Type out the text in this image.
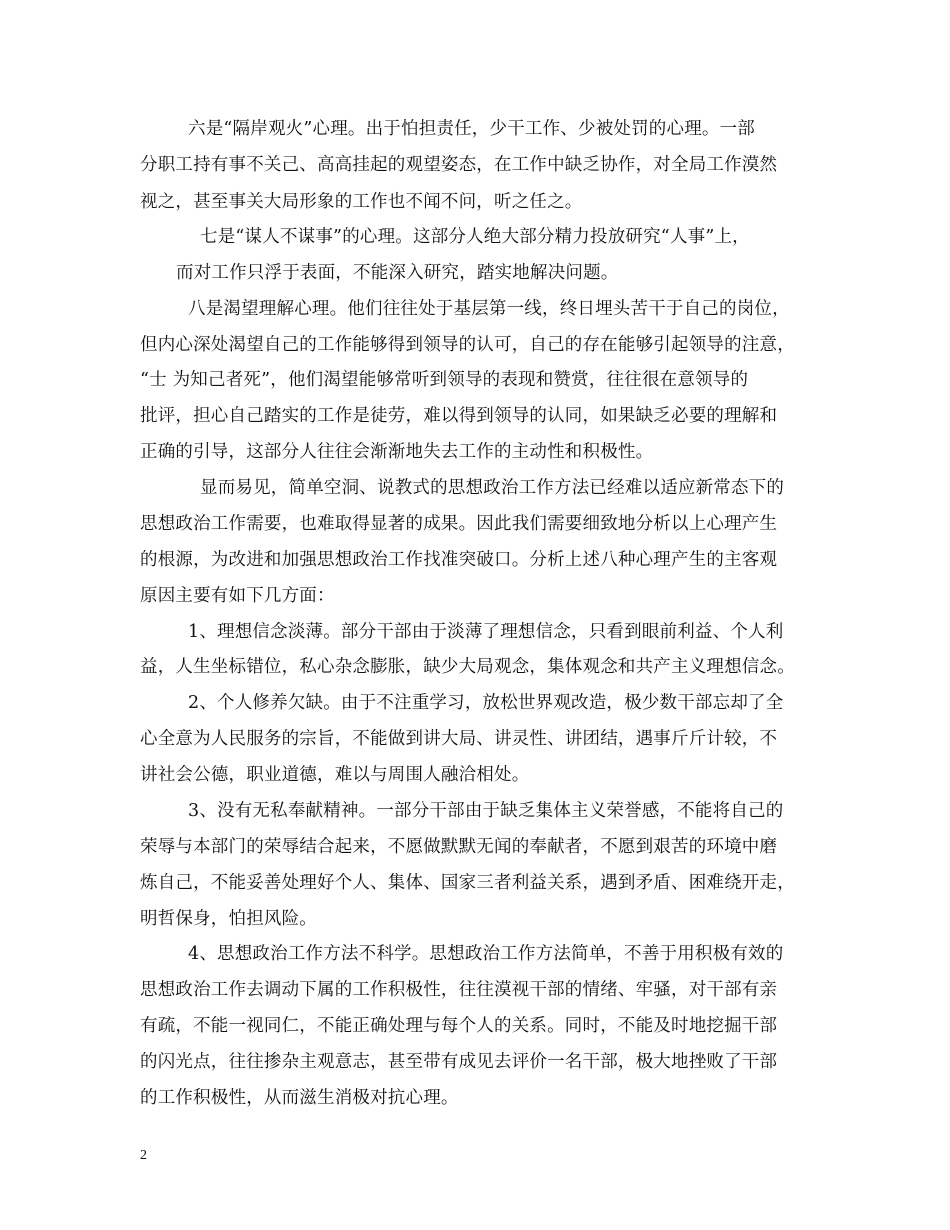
六是“隔岸观火”心理。出于怕担责任，少干工作、少被处罚的心理。一部
分职工持有事不关己、高高挂起的观望姿态，在工作中缺乏协作，对全局工作漠然
视之，甚至事关大局形象的工作也不闻不问，听之任之。
七是“谋人不谋事”的心理。这部分人绝大部分精力投放研究“人事”上，
而对工作只浮于表面，不能深入研究，踏实地解决问题。
八是渴望理解心理。他们往往处于基层第一线，终日埋头苦干于自己的岗位，
但内心深处渴望自己的工作能够得到领导的认可，自己的存在能够引起领导的注意，
“士 为知己者死”，他们渴望能够常听到领导的表现和赞赏，往往很在意领导的
批评，担心自己踏实的工作是徒劳，难以得到领导的认同，如果缺乏必要的理解和
正确的引导，这部分人往往会渐渐地失去工作的主动性和积极性。
显而易见，简单空洞、说教式的思想政治工作方法已经难以适应新常态下的
思想政治工作需要，也难取得显著的成果。因此我们需要细致地分析以上心理产生
的根源，为改进和加强思想政治工作找准突破口。分析上述八种心理产生的主客观
原因主要有如下几方面：
1、理想信念淡薄。部分干部由于淡薄了理想信念，只看到眼前利益、个人利
益，人生坐标错位，私心杂念膨胀，缺少大局观念，集体观念和共产主义理想信念。
2、个人修养欠缺。由于不注重学习，放松世界观改造，极少数干部忘却了全
心全意为人民服务的宗旨，不能做到讲大局、讲灵性、讲团结，遇事斤斤计较，不
讲社会公德，职业道德，难以与周围人融洽相处。
3、没有无私奉献精神。一部分干部由于缺乏集体主义荣誉感，不能将自己的
荣辱与本部门的荣辱结合起来，不愿做默默无闻的奉献者，不愿到艰苦的环境中磨
炼自己，不能妥善处理好个人、集体、国家三者利益关系，遇到矛盾、困难绕开走，
明哲保身，怕担风险。
4、思想政治工作方法不科学。思想政治工作方法简单，不善于用积极有效的
思想政治工作去调动下属的工作积极性，往往漠视干部的情绪、牢骚，对干部有亲
有疏，不能一视同仁，不能正确处理与每个人的关系。同时，不能及时地挖掘干部
的闪光点，往往掺杂主观意志，甚至带有成见去评价一名干部，极大地挫败了干部
的工作积极性，从而滋生消极对抗心理。
2
